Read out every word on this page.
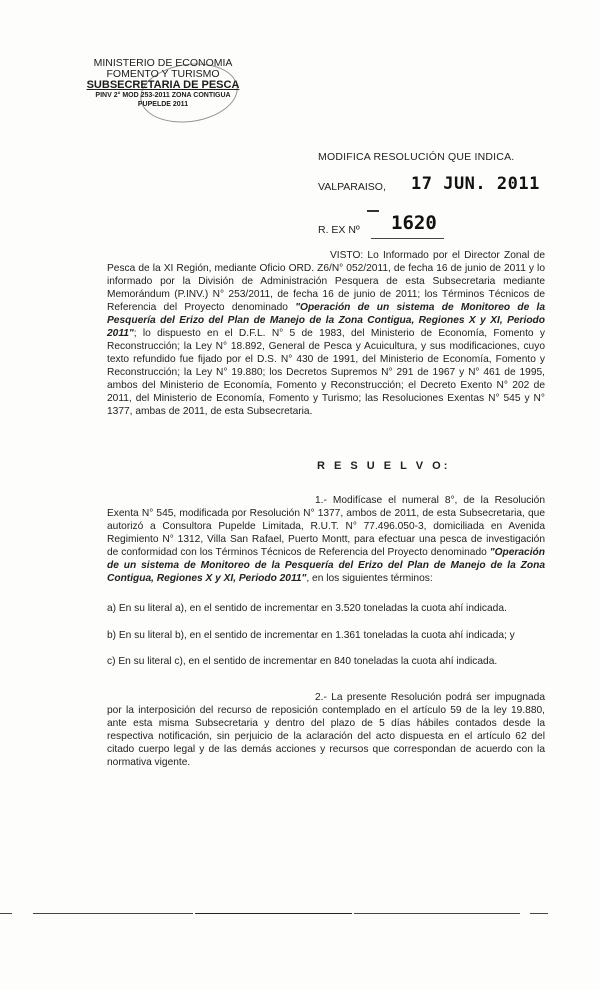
MINISTERIO DE ECONOMIA
FOMENTO Y TURISMO
SUBSECRETARIA DE PESCA
PINV 2° MOD 253-2011 ZONA CONTIGUA
PUPELDE 2011
MODIFICA RESOLUCIÓN QUE INDICA.
VALPARAISO, 17 JUN. 2011
R. EX Nº 1620
VISTO: Lo Informado por el Director Zonal de Pesca de la XI Región, mediante Oficio ORD. Z6/N° 052/2011, de fecha 16 de junio de 2011 y lo informado por la División de Administración Pesquera de esta Subsecretaria mediante Memorándum (P.INV.) N° 253/2011, de fecha 16 de junio de 2011; los Términos Técnicos de Referencia del Proyecto denominado "Operación de un sistema de Monitoreo de la Pesquería del Erizo del Plan de Manejo de la Zona Contigua, Regiones X y XI, Periodo 2011"; lo dispuesto en el D.F.L. N° 5 de 1983, del Ministerio de Economía, Fomento y Reconstrucción; la Ley N° 18.892, General de Pesca y Acuicultura, y sus modificaciones, cuyo texto refundido fue fijado por el D.S. N° 430 de 1991, del Ministerio de Economía, Fomento y Reconstrucción; la Ley N° 19.880; los Decretos Supremos N° 291 de 1967 y N° 461 de 1995, ambos del Ministerio de Economía, Fomento y Reconstrucción; el Decreto Exento N° 202 de 2011, del Ministerio de Economía, Fomento y Turismo; las Resoluciones Exentas N° 545 y N° 1377, ambas de 2011, de esta Subsecretaria.
R E S U E L V O:
1.- Modifícase el numeral 8°, de la Resolución Exenta N° 545, modificada por Resolución N° 1377, ambos de 2011, de esta Subsecretaria, que autorizó a Consultora Pupelde Limitada, R.U.T. N° 77.496.050-3, domiciliada en Avenida Regimiento N° 1312, Villa San Rafael, Puerto Montt, para efectuar una pesca de investigación de conformidad con los Términos Técnicos de Referencia del Proyecto denominado "Operación de un sistema de Monitoreo de la Pesquería del Erizo del Plan de Manejo de la Zona Contigua, Regiones X y XI, Periodo 2011", en los siguientes términos:
a) En su literal a), en el sentido de incrementar en 3.520 toneladas la cuota ahí indicada.
b) En su literal b), en el sentido de incrementar en 1.361 toneladas la cuota ahí indicada; y
c) En su literal c), en el sentido de incrementar en 840 toneladas la cuota ahí indicada.
2.- La presente Resolución podrá ser impugnada por la interposición del recurso de reposición contemplado en el artículo 59 de la ley 19.880, ante esta misma Subsecretaria y dentro del plazo de 5 días hábiles contados desde la respectiva notificación, sin perjuicio de la aclaración del acto dispuesta en el artículo 62 del citado cuerpo legal y de las demás acciones y recursos que correspondan de acuerdo con la normativa vigente.
